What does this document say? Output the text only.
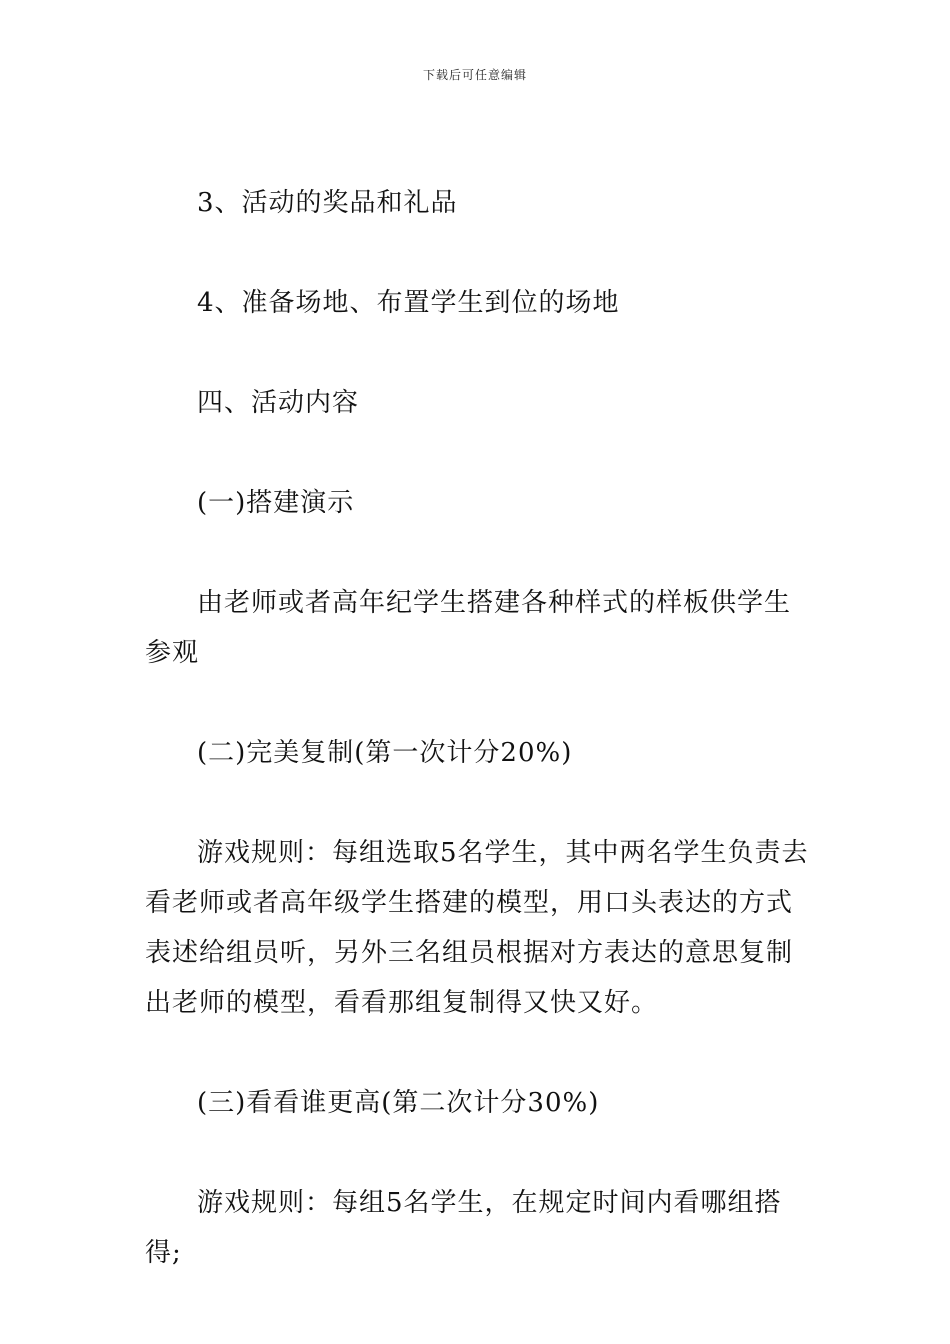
下载后可任意编辑

3、活动的奖品和礼品

4、准备场地、布置学生到位的场地

四、活动内容

(一)搭建演示

由老师或者高年纪学生搭建各种样式的样板供学生参观

(二)完美复制(第一次计分20%)

游戏规则：每组选取5名学生，其中两名学生负责去看老师或者高年级学生搭建的模型，用口头表达的方式表述给组员听，另外三名组员根据对方表达的意思复制出老师的模型，看看那组复制得又快又好。

(三)看看谁更高(第二次计分30%)

游戏规则：每组5名学生，在规定时间内看哪组搭得;
